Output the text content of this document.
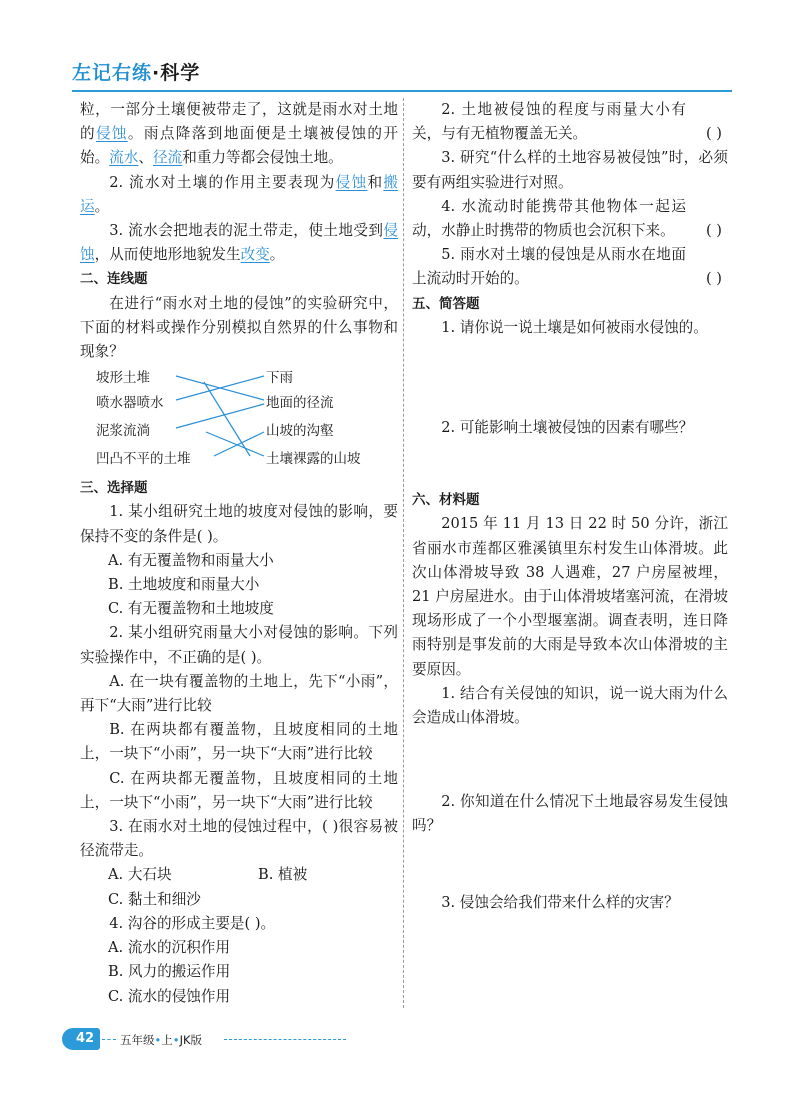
左记右练·科学

粒，一部分土壤便被带走了，这就是雨水对土地的侵蚀。雨点降落到地面便是土壤被侵蚀的开始。流水、径流和重力等都会侵蚀土地。

2. 流水对土壤的作用主要表现为侵蚀和搬运。

3. 流水会把地表的泥土带走，使土地受到侵蚀，从而使地形地貌发生改变。

二、连线题

在进行“雨水对土地的侵蚀”的实验研究中，下面的材料或操作分别模拟自然界的什么事物和现象？

坡形土堆
喷水器喷水
泥浆流淌
凹凸不平的土堆
下雨
地面的径流
山坡的沟壑
土壤裸露的山坡

三、选择题

1. 某小组研究土地的坡度对侵蚀的影响，要保持不变的条件是( )。

A. 有无覆盖物和雨量大小

B. 土地坡度和雨量大小

C. 有无覆盖物和土地坡度

2. 某小组研究雨量大小对侵蚀的影响。下列实验操作中，不正确的是( )。

A. 在一块有覆盖物的土地上，先下“小雨”，再下“大雨”进行比较

B. 在两块都有覆盖物，且坡度相同的土地上，一块下“小雨”，另一块下“大雨”进行比较

C. 在两块都无覆盖物，且坡度相同的土地上，一块下“小雨”，另一块下“大雨”进行比较

3. 在雨水对土地的侵蚀过程中，( )很容易被径流带走。

A. 大石块	B. 植被

C. 黏土和细沙

4. 沟谷的形成主要是( )。

A. 流水的沉积作用

B. 风力的搬运作用

C. 流水的侵蚀作用

2. 土地被侵蚀的程度与雨量大小有关，与有无植物覆盖无关。	( )

3. 研究“什么样的土地容易被侵蚀”时，必须要有两组实验进行对照。

4. 水流动时能携带其他物体一起运动，水静止时携带的物质也会沉积下来。	( )

5. 雨水对土壤的侵蚀是从雨水在地面上流动时开始的。	( )

五、简答题

1. 请你说一说土壤是如何被雨水侵蚀的。

2. 可能影响土壤被侵蚀的因素有哪些？

六、材料题

2015 年 11 月 13 日 22 时 50 分许，浙江省丽水市莲都区雅溪镇里东村发生山体滑坡。此次山体滑坡导致 38 人遇难，27 户房屋被埋，21 户房屋进水。由于山体滑坡堵塞河流，在滑坡现场形成了一个小型堰塞湖。调查表明，连日降雨特别是事发前的大雨是导致本次山体滑坡的主要原因。

1. 结合有关侵蚀的知识，说一说大雨为什么会造成山体滑坡。

2. 你知道在什么情况下土地最容易发生侵蚀吗？

3. 侵蚀会给我们带来什么样的灾害？

42 五年级•上•JK版
